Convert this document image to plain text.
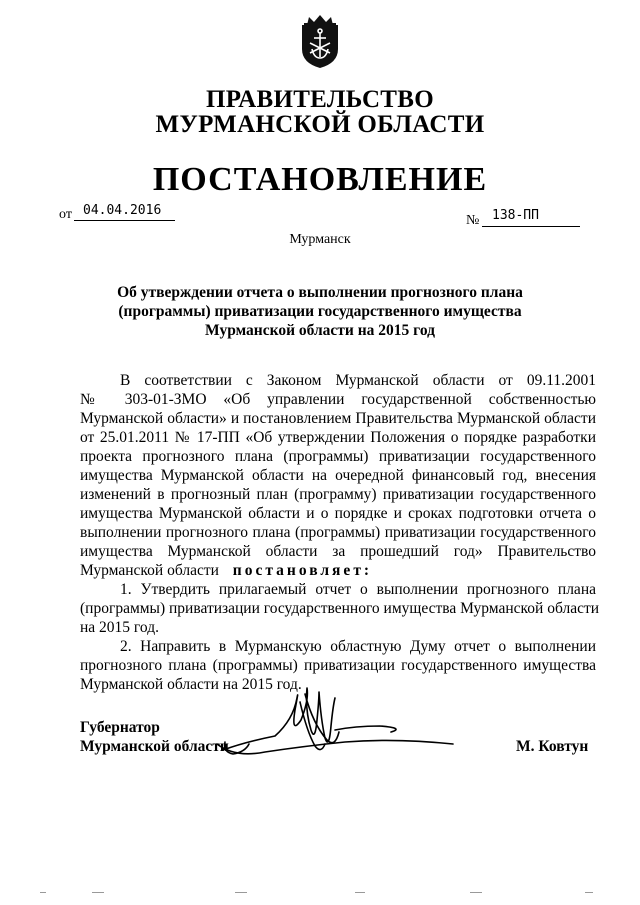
ПРАВИТЕЛЬСТВО
МУРМАНСКОЙ ОБЛАСТИ
ПОСТАНОВЛЕНИЕ
от 04.04.2016
№ 138-ПП
Мурманск
Об утверждении отчета о выполнении прогнозного плана
(программы) приватизации государственного имущества
Мурманской области на 2015 год
В соответствии с Законом Мурманской области от 09.11.2001
№ 303-01-ЗМО «Об управлении государственной собственностью
Мурманской области» и постановлением Правительства Мурманской области
от 25.01.2011 № 17-ПП «Об утверждении Положения о порядке разработки
проекта прогнозного плана (программы) приватизации государственного
имущества Мурманской области на очередной финансовый год, внесения
изменений в прогнозный план (программу) приватизации государственного
имущества Мурманской области и о порядке и сроках подготовки отчета о
выполнении прогнозного плана (программы) приватизации государственного
имущества Мурманской области за прошедший год» Правительство
Мурманской области постановляет:
1. Утвердить прилагаемый отчет о выполнении прогнозного плана
(программы) приватизации государственного имущества Мурманской области
на 2015 год.
2. Направить в Мурманскую областную Думу отчет о выполнении
прогнозного плана (программы) приватизации государственного имущества
Мурманской области на 2015 год.
Губернатор
Мурманской области	М. Ковтун
